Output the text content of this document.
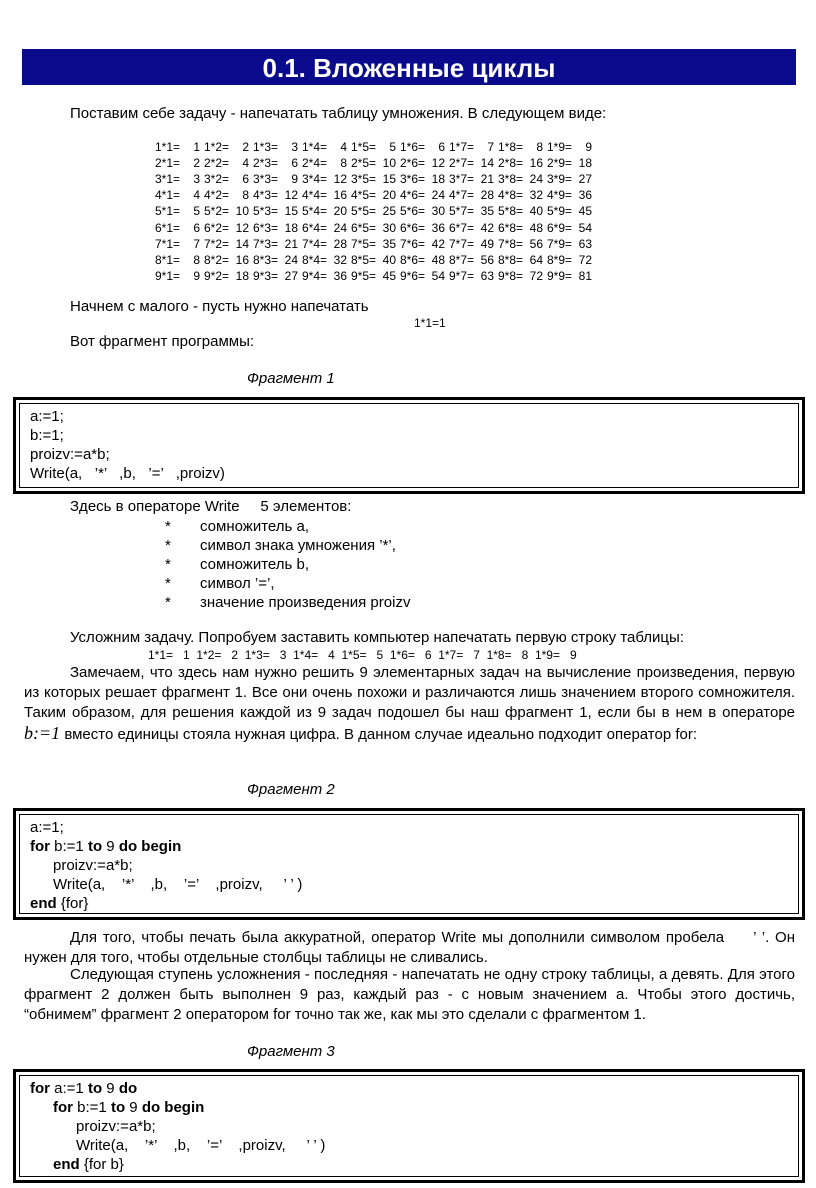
0.1. Вложенные циклы
Поставим себе задачу - напечатать таблицу умножения. В следующем виде:
1*1=	1	1*2=	2	1*3=	3	1*4=	4	1*5=	5	1*6=	6	1*7=	7	1*8=	8	1*9=	9
2*1=	2	2*2=	4	2*3=	6	2*4=	8	2*5=	10	2*6=	12	2*7=	14	2*8=	16	2*9=	18
3*1=	3	3*2=	6	3*3=	9	3*4=	12	3*5=	15	3*6=	18	3*7=	21	3*8=	24	3*9=	27
4*1=	4	4*2=	8	4*3=	12	4*4=	16	4*5=	20	4*6=	24	4*7=	28	4*8=	32	4*9=	36
5*1=	5	5*2=	10	5*3=	15	5*4=	20	5*5=	25	5*6=	30	5*7=	35	5*8=	40	5*9=	45
6*1=	6	6*2=	12	6*3=	18	6*4=	24	6*5=	30	6*6=	36	6*7=	42	6*8=	48	6*9=	54
7*1=	7	7*2=	14	7*3=	21	7*4=	28	7*5=	35	7*6=	42	7*7=	49	7*8=	56	7*9=	63
8*1=	8	8*2=	16	8*3=	24	8*4=	32	8*5=	40	8*6=	48	8*7=	56	8*8=	64	8*9=	72
9*1=	9	9*2=	18	9*3=	27	9*4=	36	9*5=	45	9*6=	54	9*7=	63	9*8=	72	9*9=	81
Начнем с малого - пусть нужно напечатать
1*1=1
Вот фрагмент программы:
Фрагмент 1
a:=1;
b:=1;
proizv:=a*b;
Write(a,   ’*’   ,b,   ’=’   ,proizv)
Здесь в операторе Write     5 элементов:
* сомножитель а,
* символ знака умножения ’*’,
* сомножитель b,
* символ ’=’,
* значение произведения proizv
Усложним задачу. Попробуем заставить компьютер напечатать первую строку таблицы:
1*1=   1  1*2=   2  1*3=   3  1*4=   4  1*5=   5  1*6=   6  1*7=   7  1*8=   8  1*9=   9
Замечаем, что здесь нам нужно решить 9 элементарных задач на вычисление произведения, первую из которых решает фрагмент 1. Все они очень похожи и различаются лишь значением второго сомножителя. Таким образом, для решения каждой из 9 задач подошел бы наш фрагмент 1, если бы в нем в операторе b:=1 вместо единицы стояла нужная цифра. В данном случае идеально подходит оператор for:
Фрагмент 2
a:=1;
for b:=1 to 9 do begin
proizv:=a*b;
Write(a,    ’*’    ,b,    ’=’    ,proizv,     ’ ’ )
end {for}
Для того, чтобы печать была аккуратной, оператор Write мы дополнили символом пробела     ’ ’. Он нужен для того, чтобы отдельные столбцы таблицы не сливались.
Следующая ступень усложнения - последняя - напечатать не одну строку таблицы, а девять. Для этого фрагмент 2 должен быть выполнен 9 раз, каждый раз - с новым значением а. Чтобы этого достичь, “обнимем” фрагмент 2 оператором for точно так же, как мы это сделали с фрагментом 1.
Фрагмент 3
for a:=1 to 9 do
for b:=1 to 9 do begin
proizv:=a*b;
Write(a,    ’*’    ,b,    ’=’    ,proizv,     ’ ’ )
end {for b}
